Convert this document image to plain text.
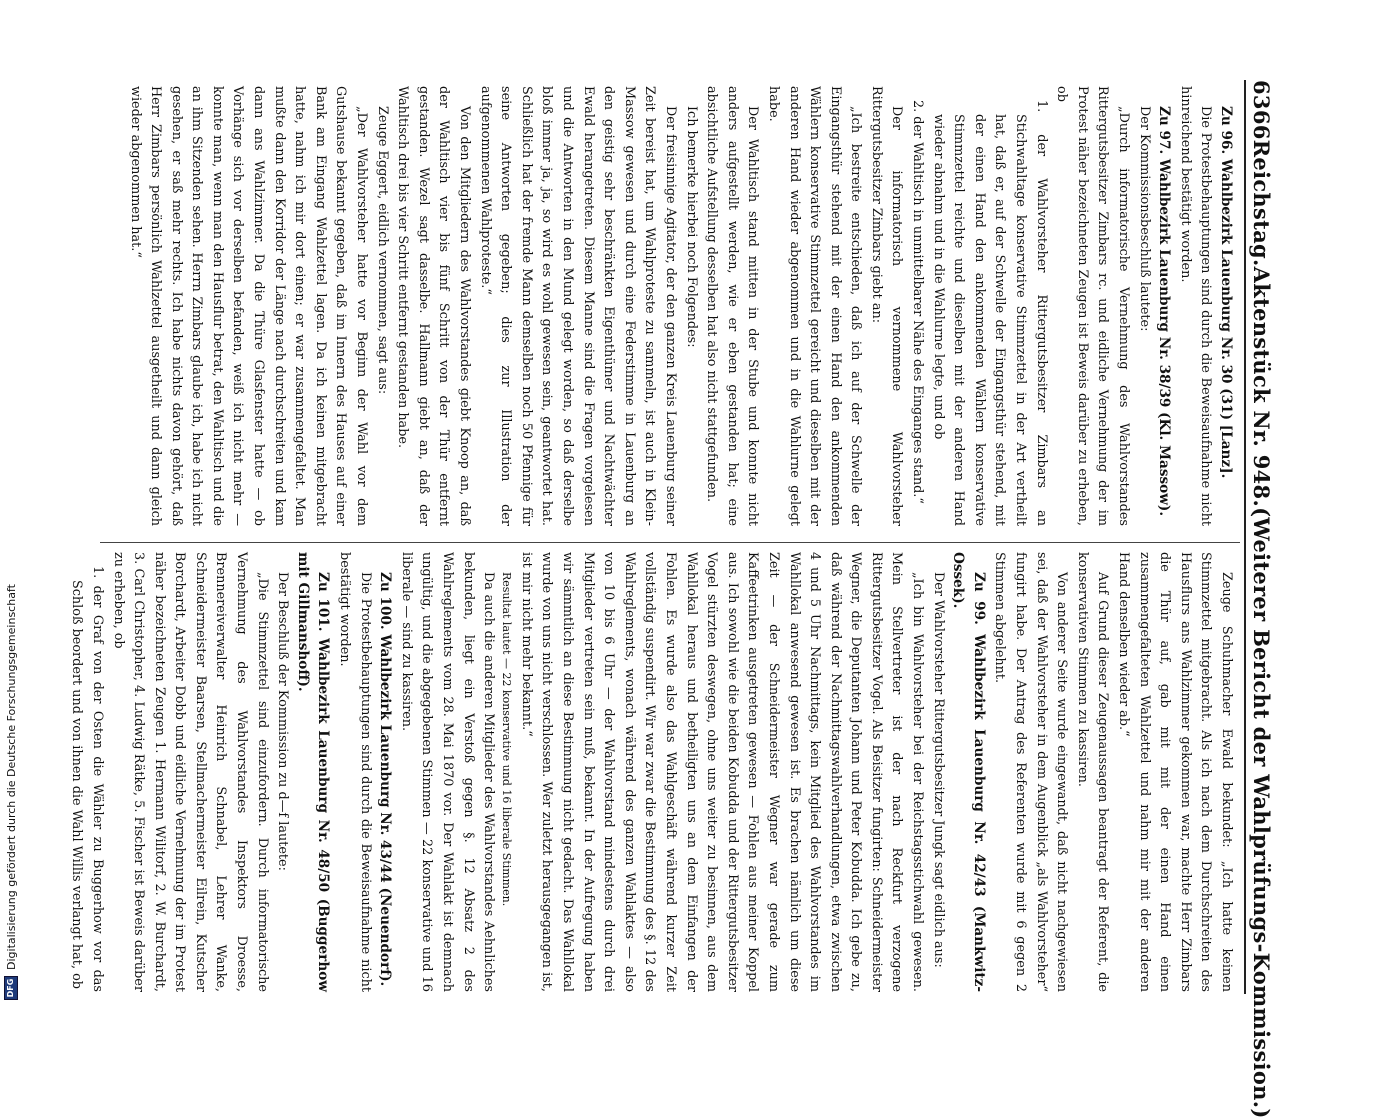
6366
Reichstag.
Aktenstück Nr. 948.
(Weiterer Bericht der Wahlprüfungs-Kommission.)

Zu 96. Wahlbezirk Lauenburg Nr. 30 (31) [Lanz].

Die Protestbehauptungen sind durch die Beweisaufnahme nicht hinreichend bestätigt worden.

Zu 97. Wahlbezirk Lauenburg Nr. 38/39 (Kl. Massow).

Der Kommissionsbeschluß lautete:

„Durch informatorische Vernehmung des Wahlvorstandes Rittergutsbesitzer Zimbars rc. und eidliche Vernehmung der im Protest näher bezeichneten Zeugen ist Beweis darüber zu erheben, ob

1. der Wahlvorsteher Rittergutsbesitzer Zimbars an Stichwahltage konservative Stimmzettel in der Art vertheilt hat, daß er, auf der Schwelle der Eingangsthür stehend, mit der einen Hand den ankommenden Wählern konservative Stimmzettel reichte und dieselben mit der anderen Hand wieder abnahm und in die Wahlurne legte, und ob

2. der Wahltisch in unmittelbarer Nähe des Einganges stand.“

Der informatorisch vernommene Wahlvorsteher Rittergutsbesitzer Zimbars giebt an:

„Ich bestreite entschieden, daß ich auf der Schwelle der Eingangsthür stehend mit der einen Hand den ankommenden Wählern konservative Stimmzettel gereicht und dieselben mit der anderen Hand wieder abgenommen und in die Wahlurne gelegt habe.

Der Wahltisch stand mitten in der Stube und konnte nicht anders aufgestellt werden, wie er eben gestanden hat; eine absichtliche Aufstellung desselben hat also nicht stattgefunden.

Ich bemerke hierbei noch Folgendes:

Der freisinnige Agitator, der den ganzen Kreis Lauenburg seiner Zeit bereist hat, um Wahlproteste zu sammeln, ist auch in Klein-Massow gewesen und durch eine Federstimme in Lauenburg an den geistig sehr beschränkten Eigenthümer und Nachtwächter Ewald herangetreten. Diesem Manne sind die Fragen vorgelesen und die Antworten in den Mund gelegt worden, so daß derselbe bloß immer ja, ja, so wird es wohl gewesen sein, geantwortet hat. Schließlich hat der fremde Mann demselben noch 50 Pfennige für seine Antworten gegeben; dies zur Illustration der aufgenommenen Wahlproteste.“

Von den Mitgliedern des Wahlvorstandes giebt Knoop an, daß der Wahltisch vier bis fünf Schritt von der Thür entfernt gestanden. Wezel sagt dasselbe. Hallmann giebt an, daß der Wahltisch drei bis vier Schritt entfernt gestanden habe.

Zeuge Eggert, eidlich vernommen, sagt aus:

„Der Wahlvorsteher hatte vor Beginn der Wahl vor dem Gutshause bekannt gegeben, daß im Innern des Hauses auf einer Bank am Eingang Wahlzettel lagen. Da ich keinen mitgebracht hatte, nahm ich mir dort einen; er war zusammengefaltet. Man mußte dann den Korridor der Länge nach durchschreiten und kam dann ans Wahlzimmer. Da die Thüre Glasfenster hatte — ob Vorhänge sich vor derselben befanden, weiß ich nicht mehr — konnte man, wenn man den Hausflur betrat, den Wahltisch und die an ihm Sitzenden sehen. Herrn Zimbars glaube ich, habe ich nicht gesehen, er saß mehr rechts. Ich habe nichts davon gehört, daß Herr Zimbars persönlich Wahlzettel ausgetheilt und dann gleich wieder abgenommen hat.“

Zeuge Schuhmacher Ewald bekundet: „Ich hatte keinen Stimmzettel mitgebracht. Als ich nach dem Durchschreiten des Hausflurs ans Wahlzimmer gekommen war, machte Herr Zimbars die Thür auf, gab mit mit der einen Hand einen zusammengefalteten Wahlzettel und nahm mir mit der anderen Hand denselben wieder ab.“

Auf Grund dieser Zeugenaussagen beantragt der Referent, die konservativen Stimmen zu kassiren.

Von anderer Seite wurde eingewandt, daß nicht nachgewiesen sei, daß der Wahlvorsteher in dem Augenblick „als Wahlvorsteher“ fungirt habe. Der Antrag des Referenten wurde mit 6 gegen 2 Stimmen abgelehnt.

Zu 99. Wahlbezirk Lauenburg Nr. 42/43 (Mankwitz-Ossek).

Der Wahlvorsteher Rittergutsbesitzer Jungk sagt eidlich aus:

„Ich bin Wahlvorsteher bei der Reichstagsstichwahl gewesen. Mein Stellvertreter ist der nach Reckfurt verzogene Rittergutsbesitzer Vogel. Als Beisitzer fungirten: Schneidermeister Wegner, die Deputanten Johann und Peter Kobudda. Ich gebe zu, daß während der Nachmittagswahlverhandlungen, etwa zwischen 4 und 5 Uhr Nachmittags, kein Mitglied des Wahlvorstandes im Wahllokal anwesend gewesen ist. Es brachen nämlich um diese Zeit — der Schneidermeister Wegner war gerade zum Kaffeetrinken ausgetreten gewesen — Fohlen aus meiner Koppel aus. Ich sowohl wie die beiden Kobudda und der Rittergutsbesitzer Vogel stürzten deswegen, ohne uns weiter zu besinnen, aus dem Wahllokal heraus und betheiligten uns an dem Einfangen der Fohlen. Es wurde also das Wahlgeschäft während kurzer Zeit vollständig suspendirt. Wir war zwar die Bestimmung des §. 12 des Wahlreglements, wonach während des ganzen Wahlaktes — also von 10 bis 6 Uhr — der Wahlvorstand mindestens durch drei Mitglieder vertreten sein muß, bekannt. In der Aufregung haben wir sämmtlich an diese Bestimmung nicht gedacht. Das Wahllokal wurde von uns nicht verschlossen. Wer zuletzt herausgegangen ist, ist mir nicht mehr bekannt.“

Resultat lautet — 22 konservative und 16 liberale Stimmen.

Da auch die anderen Mitglieder des Wahlvorstandes Aehnliches bekunden, liegt ein Verstoß gegen §. 12 Absatz 2 des Wahlreglements vom 28. Mai 1870 vor. Der Wahlakt ist demnach ungültig, und die abgegebenen Stimmen — 22 konservative und 16 liberale — sind zu kassiren.

Zu 100. Wahlbezirk Lauenburg Nr. 43/44 (Neuendorf).

Die Protestbehauptungen sind durch die Beweisaufnahme nicht bestätigt worden.

Zu 101. Wahlbezirk Lauenburg Nr. 48/50 (Buggerhow mit Gillmanshoff).

Der Beschluß der Kommission zu d—f lautete:

„Die Stimmzettel sind einzufordern. Durch informatorische Vernehmung des Wahlvorstandes Inspektors Droesse, Brennereiverwalter Heinrich Schnabel, Lehrer Wanke, Schneidermeister Baarsen, Stellmachermeister Eilrein, Kutscher Borchardt, Arbeiter Dobb und eidliche Vernehmung der im Protest näher bezeichneten Zeugen 1. Hermann Wilitorf, 2. W. Burchardt, 3. Carl Christopher, 4. Ludwig Rätke, 5. Fischer ist Beweis darüber zu erheben, ob

1. der Graf von der Osten die Wähler zu Buggerhow vor das Schloß beordert und von ihnen die Wahl Willis verlangt hat, ob

DFG
Digitalisierung gefördert durch die Deutsche Forschungsgemeinschaft
